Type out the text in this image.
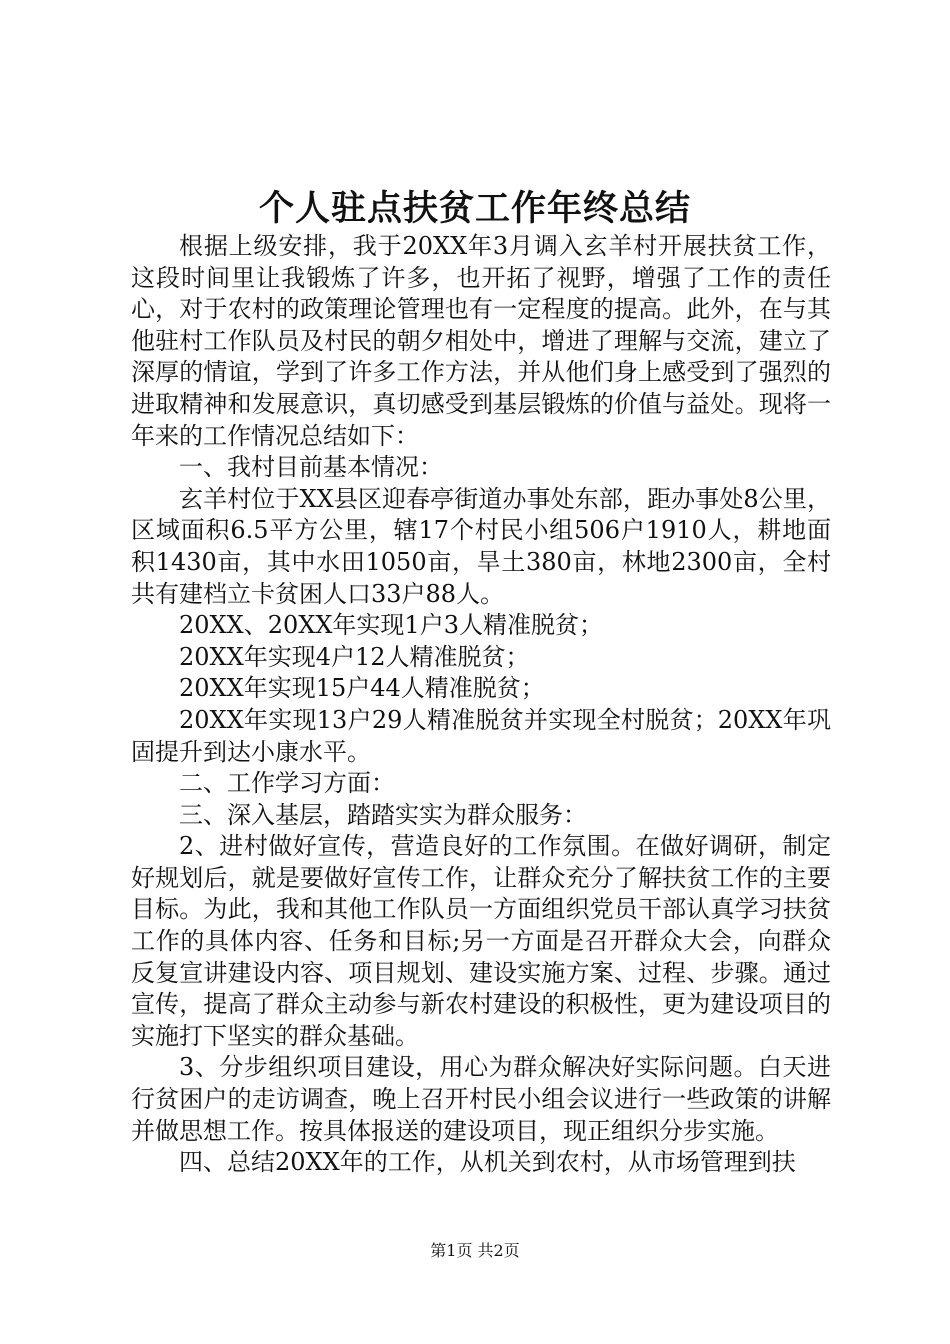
个人驻点扶贫工作年终总结

根据上级安排，我于20XX年3月调入玄羊村开展扶贫工作，这段时间里让我锻炼了许多，也开拓了视野，增强了工作的责任心，对于农村的政策理论管理也有一定程度的提高。此外，在与其他驻村工作队员及村民的朝夕相处中，增进了理解与交流，建立了深厚的情谊，学到了许多工作方法，并从他们身上感受到了强烈的进取精神和发展意识，真切感受到基层锻炼的价值与益处。现将一年来的工作情况总结如下：

一、我村目前基本情况：

玄羊村位于XX县区迎春亭街道办事处东部，距办事处8公里，区域面积6.5平方公里，辖17个村民小组506户1910人，耕地面积1430亩，其中水田1050亩，旱土380亩，林地2300亩，全村共有建档立卡贫困人口33户88人。

20XX、20XX年实现1户3人精准脱贫；

20XX年实现4户12人精准脱贫；

20XX年实现15户44人精准脱贫；

20XX年实现13户29人精准脱贫并实现全村脱贫；20XX年巩固提升到达小康水平。

二、工作学习方面：

三、深入基层，踏踏实实为群众服务：

2、进村做好宣传，营造良好的工作氛围。在做好调研，制定好规划后，就是要做好宣传工作，让群众充分了解扶贫工作的主要目标。为此，我和其他工作队员一方面组织党员干部认真学习扶贫工作的具体内容、任务和目标;另一方面是召开群众大会，向群众反复宣讲建设内容、项目规划、建设实施方案、过程、步骤。通过宣传，提高了群众主动参与新农村建设的积极性，更为建设项目的实施打下坚实的群众基础。

3、分步组织项目建设，用心为群众解决好实际问题。白天进行贫困户的走访调查，晚上召开村民小组会议进行一些政策的讲解并做思想工作。按具体报送的建设项目，现正组织分步实施。

四、总结20XX年的工作，从机关到农村，从市场管理到扶

第1页 共2页
